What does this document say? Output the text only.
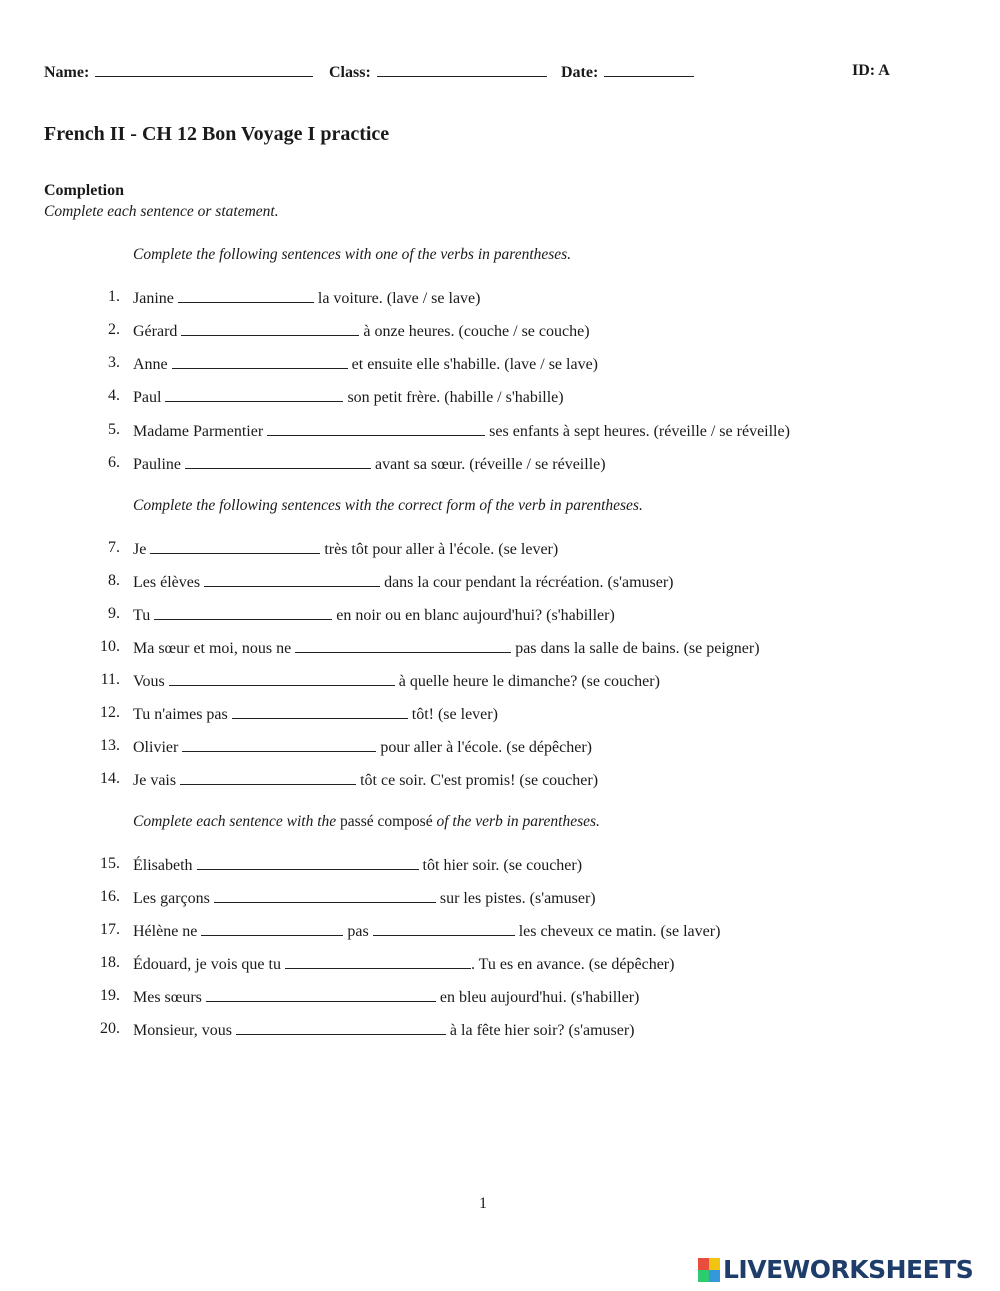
Name:	Class:	Date:	ID: A
French II - CH 12 Bon Voyage I practice
Completion
Complete each sentence or statement.
Complete the following sentences with one of the verbs in parentheses.
Complete the following sentences with the correct form of the verb in parentheses.
Complete each sentence with the passé composé of the verb in parentheses.
1. Janine	la voiture. (lave / se lave)
2. Gérard	à onze heures. (couche / se couche)
3. Anne	et ensuite elle s'habille. (lave / se lave)
4. Paul	son petit frère. (habille / s'habille)
5. Madame Parmentier	ses enfants à sept heures. (réveille / se réveille)
6. Pauline	avant sa sœur. (réveille / se réveille)
7. Je	très tôt pour aller à l'école. (se lever)
8. Les élèves	dans la cour pendant la récréation. (s'amuser)
9. Tu	en noir ou en blanc aujourd'hui? (s'habiller)
10. Ma sœur et moi, nous ne	pas dans la salle de bains. (se peigner)
11. Vous	à quelle heure le dimanche? (se coucher)
12. Tu n'aimes pas	tôt! (se lever)
13. Olivier	pour aller à l'école. (se dépêcher)
14. Je vais	tôt ce soir. C'est promis! (se coucher)
15. Élisabeth	tôt hier soir. (se coucher)
16. Les garçons	sur les pistes. (s'amuser)
17. Hélène ne	pas	les cheveux ce matin. (se laver)
18. Édouard, je vois que tu	. Tu es en avance. (se dépêcher)
19. Mes sœurs	en bleu aujourd'hui. (s'habiller)
20. Monsieur, vous	à la fête hier soir? (s'amuser)
1
LIVEWORKSHEETS
